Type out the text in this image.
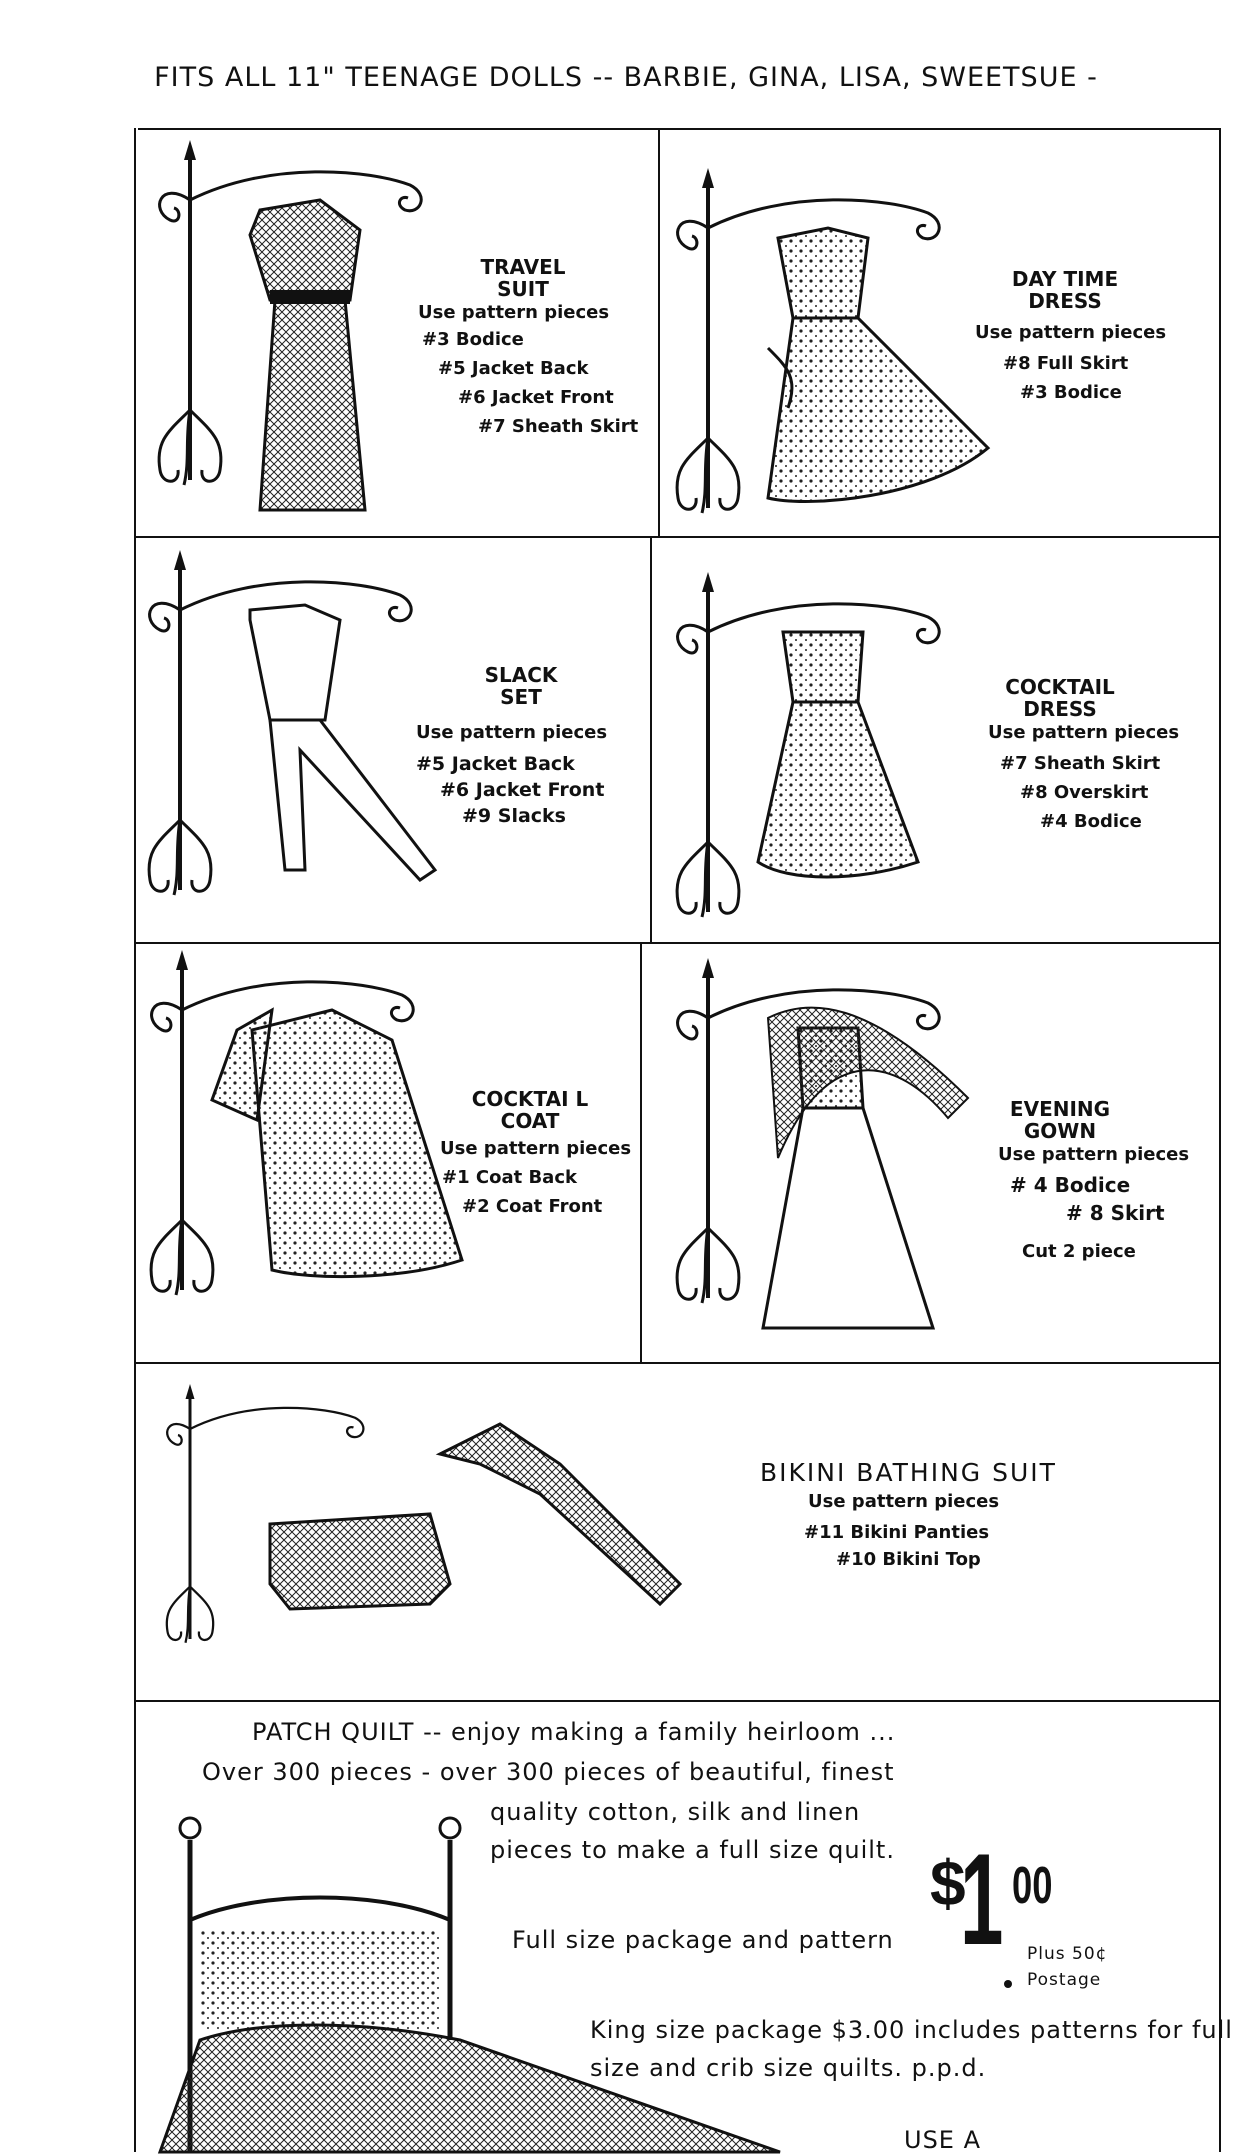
FITS ALL 11" TEENAGE DOLLS -- BARBIE, GINA, LISA, SWEETSUE -
TRAVEL
SUIT
Use pattern pieces
#3 Bodice
#5 Jacket Back
#6 Jacket Front
#7 Sheath Skirt
DAY TIME
DRESS
Use pattern pieces
#8 Full Skirt
#3 Bodice
SLACK
SET
Use pattern pieces
#5 Jacket Back
#6 Jacket Front
#9 Slacks
COCKTAIL
DRESS
Use pattern pieces
#7 Sheath Skirt
#8 Overskirt
#4 Bodice
COCKTAI L
COAT
Use pattern pieces
#1 Coat Back
#2 Coat Front
EVENING
GOWN
Use pattern pieces
# 4 Bodice
# 8 Skirt
Cut 2 piece
BIKINI BATHING SUIT
Use pattern pieces
#11 Bikini Panties
#10 Bikini Top
PATCH QUILT -- enjoy making a family heirloom ...
Over 300 pieces - over 300 pieces of beautiful, finest
quality cotton, silk and linen
pieces to make a full size quilt.
Full size package and pattern
$
1 00
Plus 50¢
Postage
King size package $3.00 includes patterns for full
size and crib size quilts. p.p.d.
USE A
